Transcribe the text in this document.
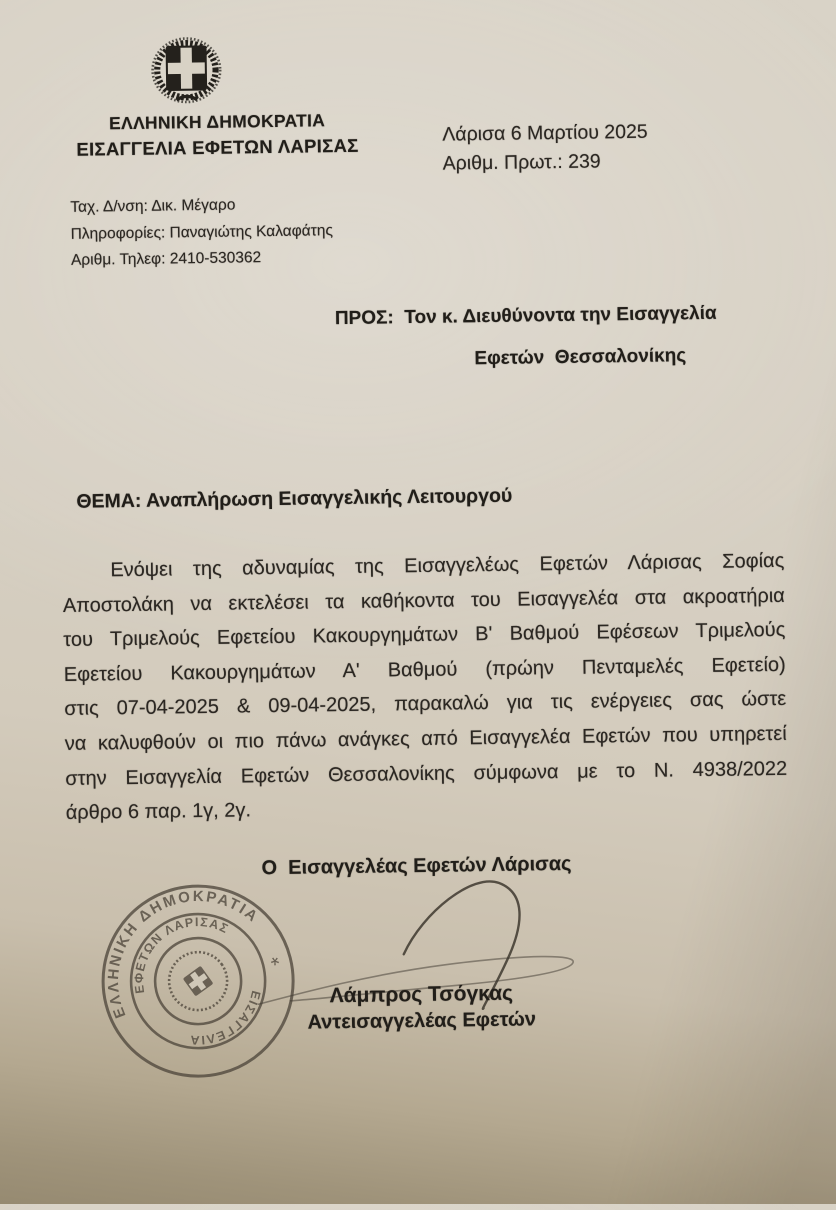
ΕΛΛΗΝΙΚΗ ΔΗΜΟΚΡΑΤΙΑ
ΕΙΣΑΓΓΕΛΙΑ ΕΦΕΤΩΝ ΛΑΡΙΣΑΣ
Λάρισα 6 Μαρτίου 2025
Αριθμ. Πρωτ.: 239
Ταχ. Δ/νση: Δικ. Μέγαρο
Πληροφορίες: Παναγιώτης Καλαφάτης
Αριθμ. Τηλεφ: 2410-530362
ΠΡΟΣ:  Τον κ. Διευθύνοντα την Εισαγγελία
Εφετών  Θεσσαλονίκης
ΘΕΜΑ: Αναπλήρωση Εισαγγελικής Λειτουργού
Ενόψει της αδυναμίας της Εισαγγελέως Εφετών Λάρισας Σοφίας
Αποστολάκη να εκτελέσει τα καθήκοντα του Εισαγγελέα στα ακροατήρια
του Τριμελούς Εφετείου Κακουργημάτων Β' Βαθμού Εφέσεων Τριμελούς
Εφετείου Κακουργημάτων Α' Βαθμού (πρώην Πενταμελές Εφετείο)
στις 07-04-2025 & 09-04-2025, παρακαλώ για τις ενέργειες σας ώστε
να καλυφθούν οι πιο πάνω ανάγκες από Εισαγγελέα Εφετών που υπηρετεί
στην Εισαγγελία Εφετών Θεσσαλονίκης σύμφωνα με το Ν. 4938/2022
άρθρο 6 παρ. 1γ, 2γ.
Ο  Εισαγγελέας Εφετών Λάρισας
ΕΛΛΗΝΙΚΗ ΔΗΜΟΚΡΑΤΙΑ
ΕΦΕΤΩΝ ΛΑΡΙΣΑΣ
ΕΙΣΑΓΓΕΛΙΑ
*
Λάμπρος Τσόγκας
Αντεισαγγελέας Εφετών
